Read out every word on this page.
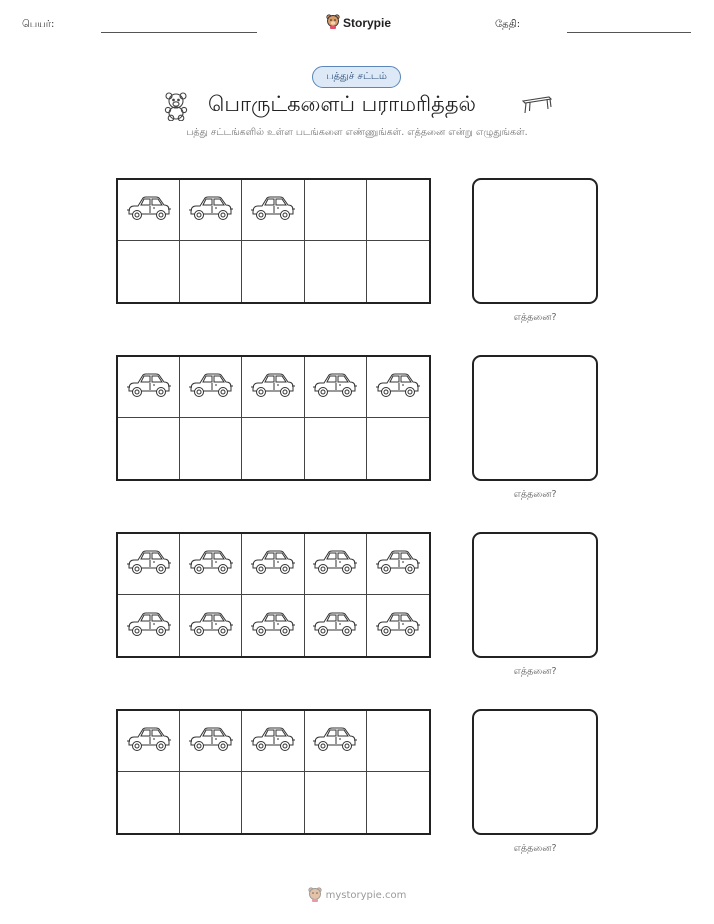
பெயர்:	Storypie	தேதி:
பத்துச் சட்டம்
பொருட்களைப் பராமரித்தல்
பத்து சட்டங்களில் உள்ள படங்களை எண்ணுங்கள். எத்தனை என்று எழுதுங்கள்.
எத்தனை?
எத்தனை?
எத்தனை?
எத்தனை?
mystorypie.com
